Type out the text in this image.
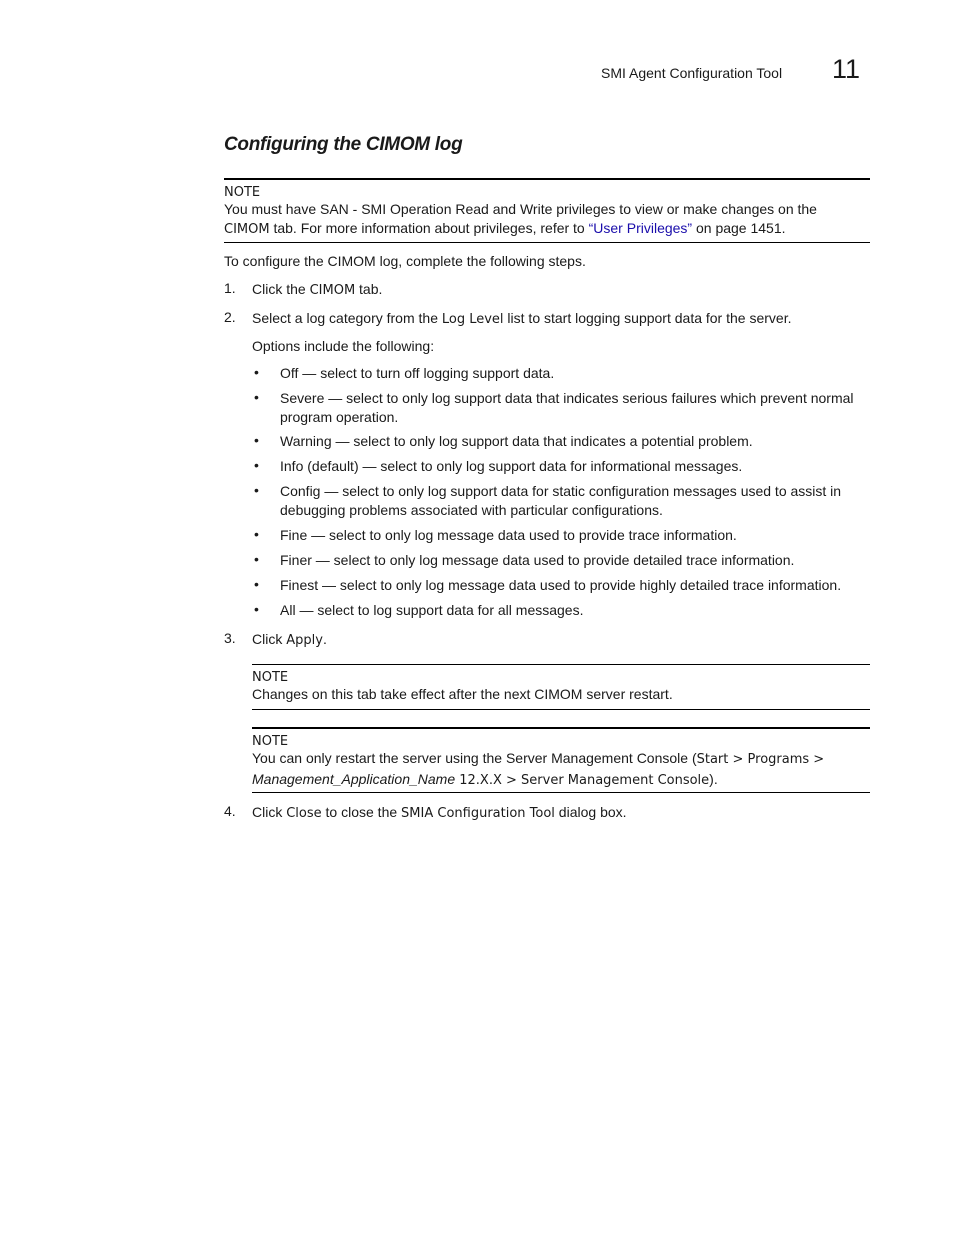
SMI Agent Configuration Tool 11
Configuring the CIMOM log
NOTE
You must have SAN - SMI Operation Read and Write privileges to view or make changes on the
CIMOM tab. For more information about privileges, refer to “User Privileges” on page 1451.
To configure the CIMOM log, complete the following steps.
1. Click the CIMOM tab.
2. Select a log category from the Log Level list to start logging support data for the server.
Options include the following:
• Off — select to turn off logging support data.
• Severe — select to only log support data that indicates serious failures which prevent normal program operation.
• Warning — select to only log support data that indicates a potential problem.
• Info (default) — select to only log support data for informational messages.
• Config — select to only log support data for static configuration messages used to assist in debugging problems associated with particular configurations.
• Fine — select to only log message data used to provide trace information.
• Finer — select to only log message data used to provide detailed trace information.
• Finest — select to only log message data used to provide highly detailed trace information.
• All — select to log support data for all messages.
3. Click Apply.
NOTE
Changes on this tab take effect after the next CIMOM server restart.
NOTE
You can only restart the server using the Server Management Console (Start > Programs >
Management_Application_Name 12.X.X > Server Management Console).
4. Click Close to close the SMIA Configuration Tool dialog box.
